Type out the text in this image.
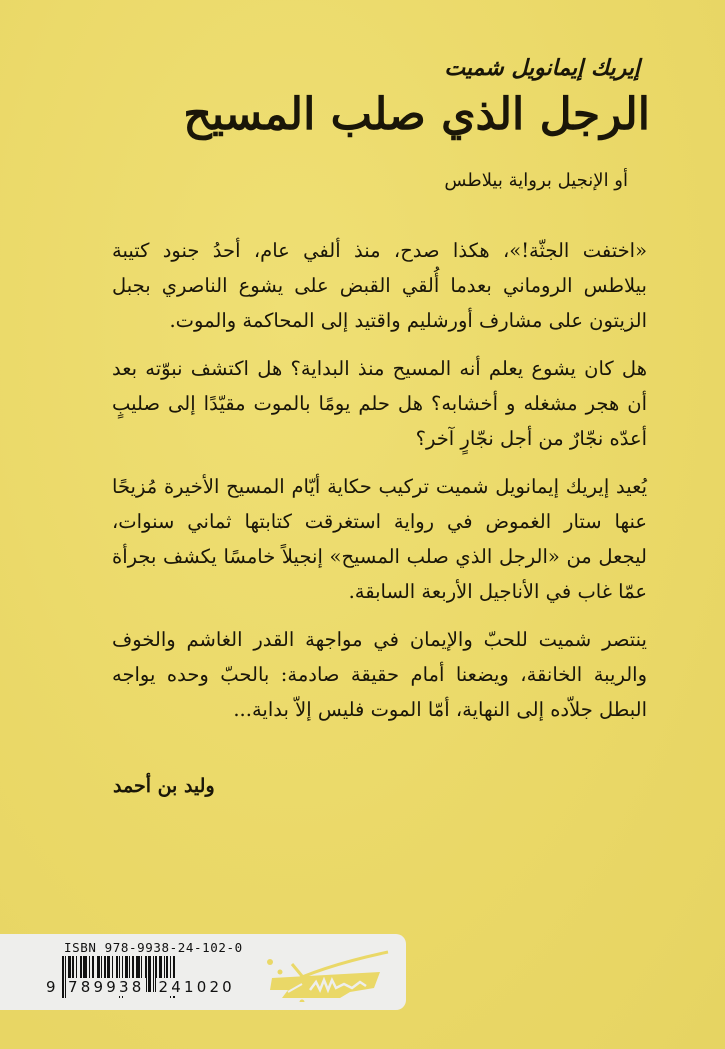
إيريك إيمانويل شميت
الرجل الذي صلب المسيح
أو الإنجيل برواية بيلاطس

«اختفت الجثّة!»، هكذا صدح، منذ ألفي عام، أحدُ جنود كتيبة بيلاطس الروماني بعدما أُلقي القبض على يشوع الناصري بجبل الزيتون على مشارف أورشليم واقتيد إلى المحاكمة والموت.

هل كان يشوع يعلم أنه المسيح منذ البداية؟ هل اكتشف نبوّته بعد أن هجر مشغله و أخشابه؟ هل حلم يومًا بالموت مقيّدًا إلى صليبٍ أعدّه نجّارٌ من أجل نجّارٍ آخر؟

يُعيد إيريك إيمانويل شميت تركيب حكاية أيّام المسيح الأخيرة مُزيحًا عنها ستار الغموض في رواية استغرقت كتابتها ثماني سنوات، ليجعل من «الرجل الذي صلب المسيح» إنجيلاً خامسًا يكشف بجرأة عمّا غاب في الأناجيل الأربعة السابقة.

ينتصر شميت للحبّ والإيمان في مواجهة القدر الغاشم والخوف والريبة الخانقة، ويضعنا أمام حقيقة صادمة: بالحبّ وحده يواجه البطل جلاّده إلى النهاية، أمّا الموت فليس إلاّ بداية...

وليد بن أحمد
ISBN 978-9938-24-102-0
9 789938 241020
